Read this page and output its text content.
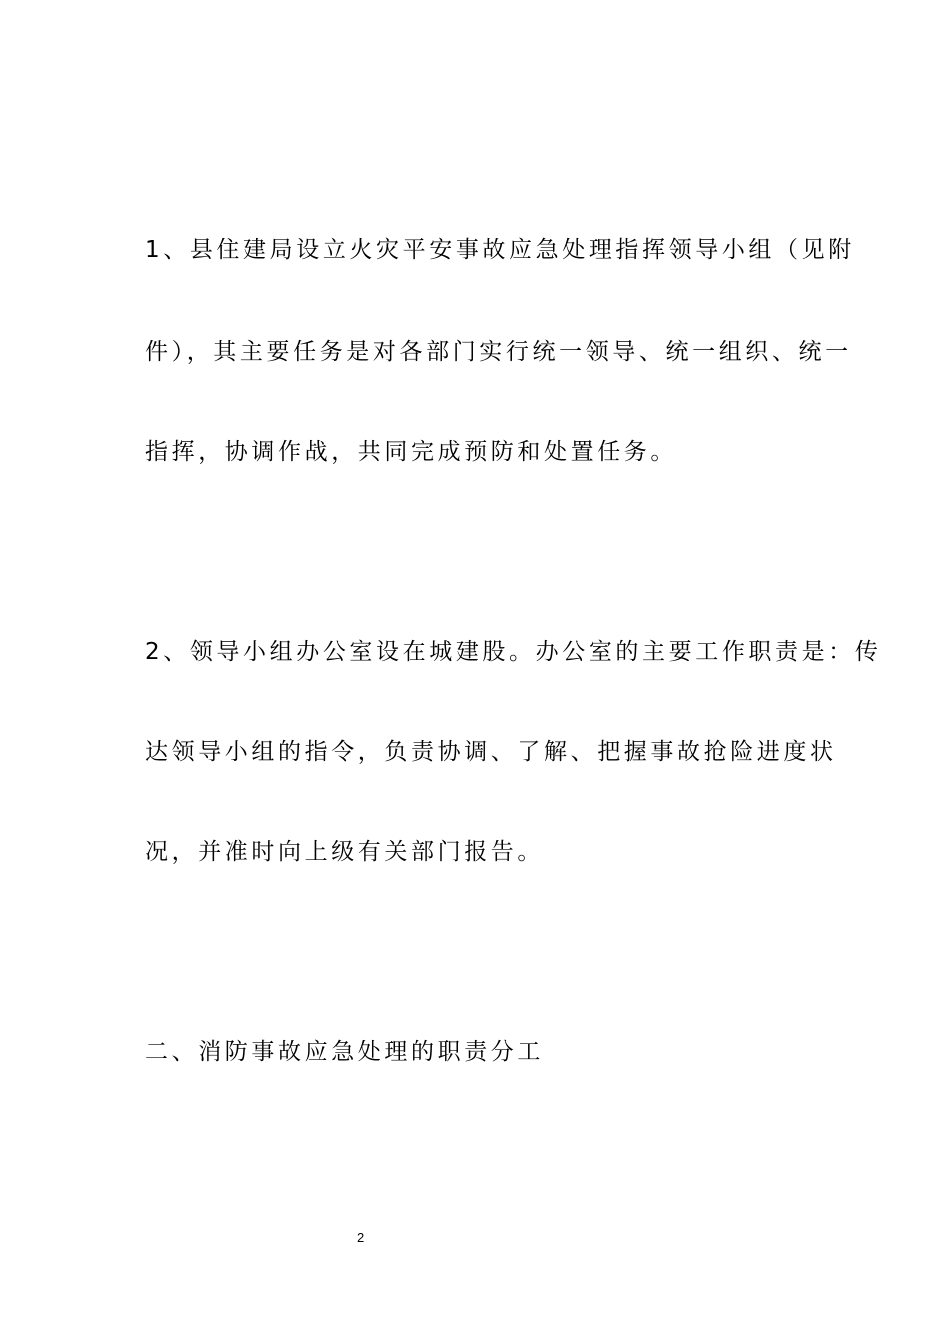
1、县住建局设立火灾平安事故应急处理指挥领导小组（见附
件），其主要任务是对各部门实行统一领导、统一组织、统一
指挥，协调作战，共同完成预防和处置任务。
2、领导小组办公室设在城建股。办公室的主要工作职责是：传
达领导小组的指令，负责协调、了解、把握事故抢险进度状
况，并准时向上级有关部门报告。
二、消防事故应急处理的职责分工
2
